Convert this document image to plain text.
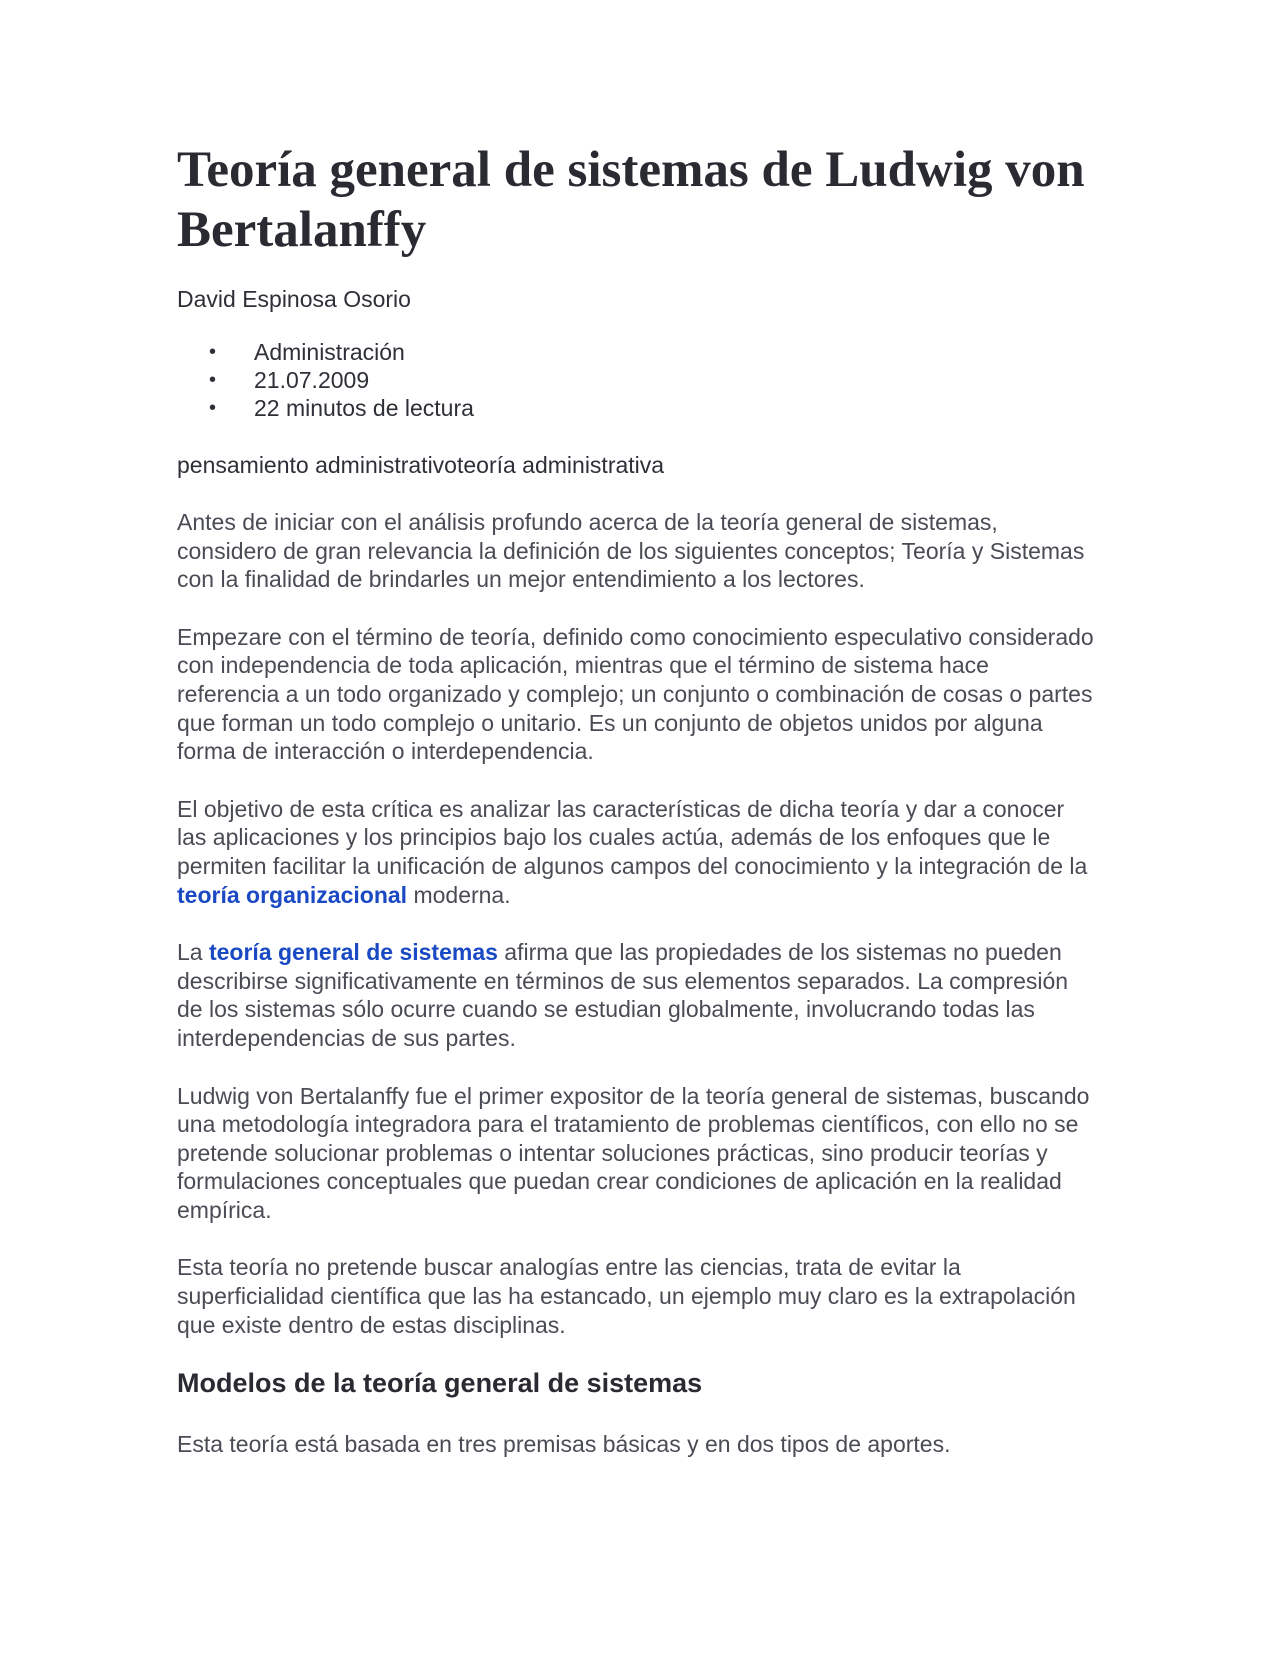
Teoría general de sistemas de Ludwig von Bertalanffy
David Espinosa Osorio
• Administración
• 21.07.2009
• 22 minutos de lectura
pensamiento administrativoteoría administrativa

Antes de iniciar con el análisis profundo acerca de la teoría general de sistemas, considero de gran relevancia la definición de los siguientes conceptos; Teoría y Sistemas con la finalidad de brindarles un mejor entendimiento a los lectores.

Empezare con el término de teoría, definido como conocimiento especulativo considerado con independencia de toda aplicación, mientras que el término de sistema hace referencia a un todo organizado y complejo; un conjunto o combinación de cosas o partes que forman un todo complejo o unitario. Es un conjunto de objetos unidos por alguna forma de interacción o interdependencia.

El objetivo de esta crítica es analizar las características de dicha teoría y dar a conocer las aplicaciones y los principios bajo los cuales actúa, además de los enfoques que le permiten facilitar la unificación de algunos campos del conocimiento y la integración de la teoría organizacional moderna.

La teoría general de sistemas afirma que las propiedades de los sistemas no pueden describirse significativamente en términos de sus elementos separados. La compresión de los sistemas sólo ocurre cuando se estudian globalmente, involucrando todas las interdependencias de sus partes.

Ludwig von Bertalanffy fue el primer expositor de la teoría general de sistemas, buscando una metodología integradora para el tratamiento de problemas científicos, con ello no se pretende solucionar problemas o intentar soluciones prácticas, sino producir teorías y formulaciones conceptuales que puedan crear condiciones de aplicación en la realidad empírica.

Esta teoría no pretende buscar analogías entre las ciencias, trata de evitar la superficialidad científica que las ha estancado, un ejemplo muy claro es la extrapolación que existe dentro de estas disciplinas.

Modelos de la teoría general de sistemas

Esta teoría está basada en tres premisas básicas y en dos tipos de aportes.
